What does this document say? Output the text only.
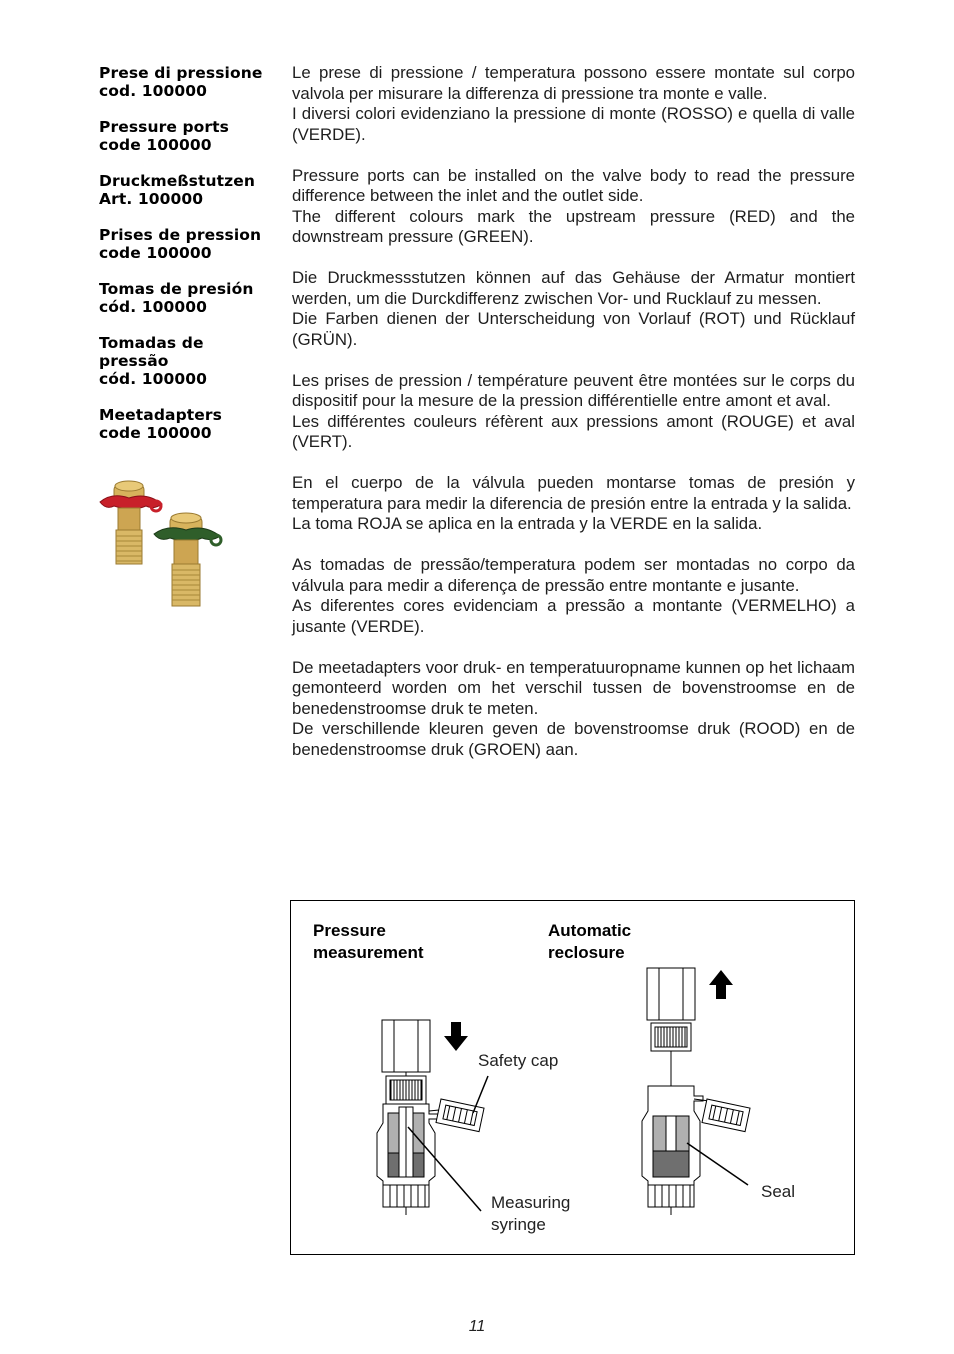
Prese di pressione
cod. 100000
Pressure ports
code 100000
Druckmeßstutzen
Art. 100000
Prises de pression
code 100000
Tomas de presión
cód. 100000
Tomadas de
pressão
cód. 100000
Meetadapters
code 100000

Le prese di pressione / temperatura possono essere montate sul corpo valvola per misurare la differenza di pressione tra monte e valle.

I diversi colori evidenziano la pressione di monte (ROSSO) e quella di valle (VERDE).

Pressure ports can be installed on the valve body to read the pressure difference between the inlet and the outlet side.

The different colours mark the upstream pressure (RED) and the downstream pressure (GREEN).

Die Druckmessstutzen können auf das Gehäuse der Armatur montiert werden, um die Durckdifferenz zwischen Vor- und Rucklauf zu messen.

Die Farben dienen der Unterscheidung von Vorlauf (ROT) und Rücklauf (GRÜN).

Les prises de pression / température peuvent être montées sur le corps du dispositif pour la mesure de la pression différentielle entre amont et aval.

Les différentes couleurs réfèrent aux pressions amont (ROUGE) et aval (VERT).

En el cuerpo de la válvula pueden montarse tomas de presión y temperatura para medir la diferencia de presión entre la entrada y la salida.

La toma ROJA se aplica en la entrada y la VERDE en la salida.

As tomadas de pressão/temperatura podem ser montadas no corpo da válvula para medir a diferença de pressão entre montante e jusante.

As diferentes cores evidenciam a pressão a montante (VERMELHO) a jusante (VERDE).

De meetadapters voor druk- en temperatuuropname kunnen op het lichaam gemonteerd worden om het verschil tussen de bovenstroomse en de benedenstroomse druk te meten.

De verschillende kleuren geven de bovenstroomse druk (ROOD) en de benedenstroomse druk (GROEN) aan.

Pressure
measurement
Automatic
reclosure
Safety cap
Measuring
syringe
Seal
11
